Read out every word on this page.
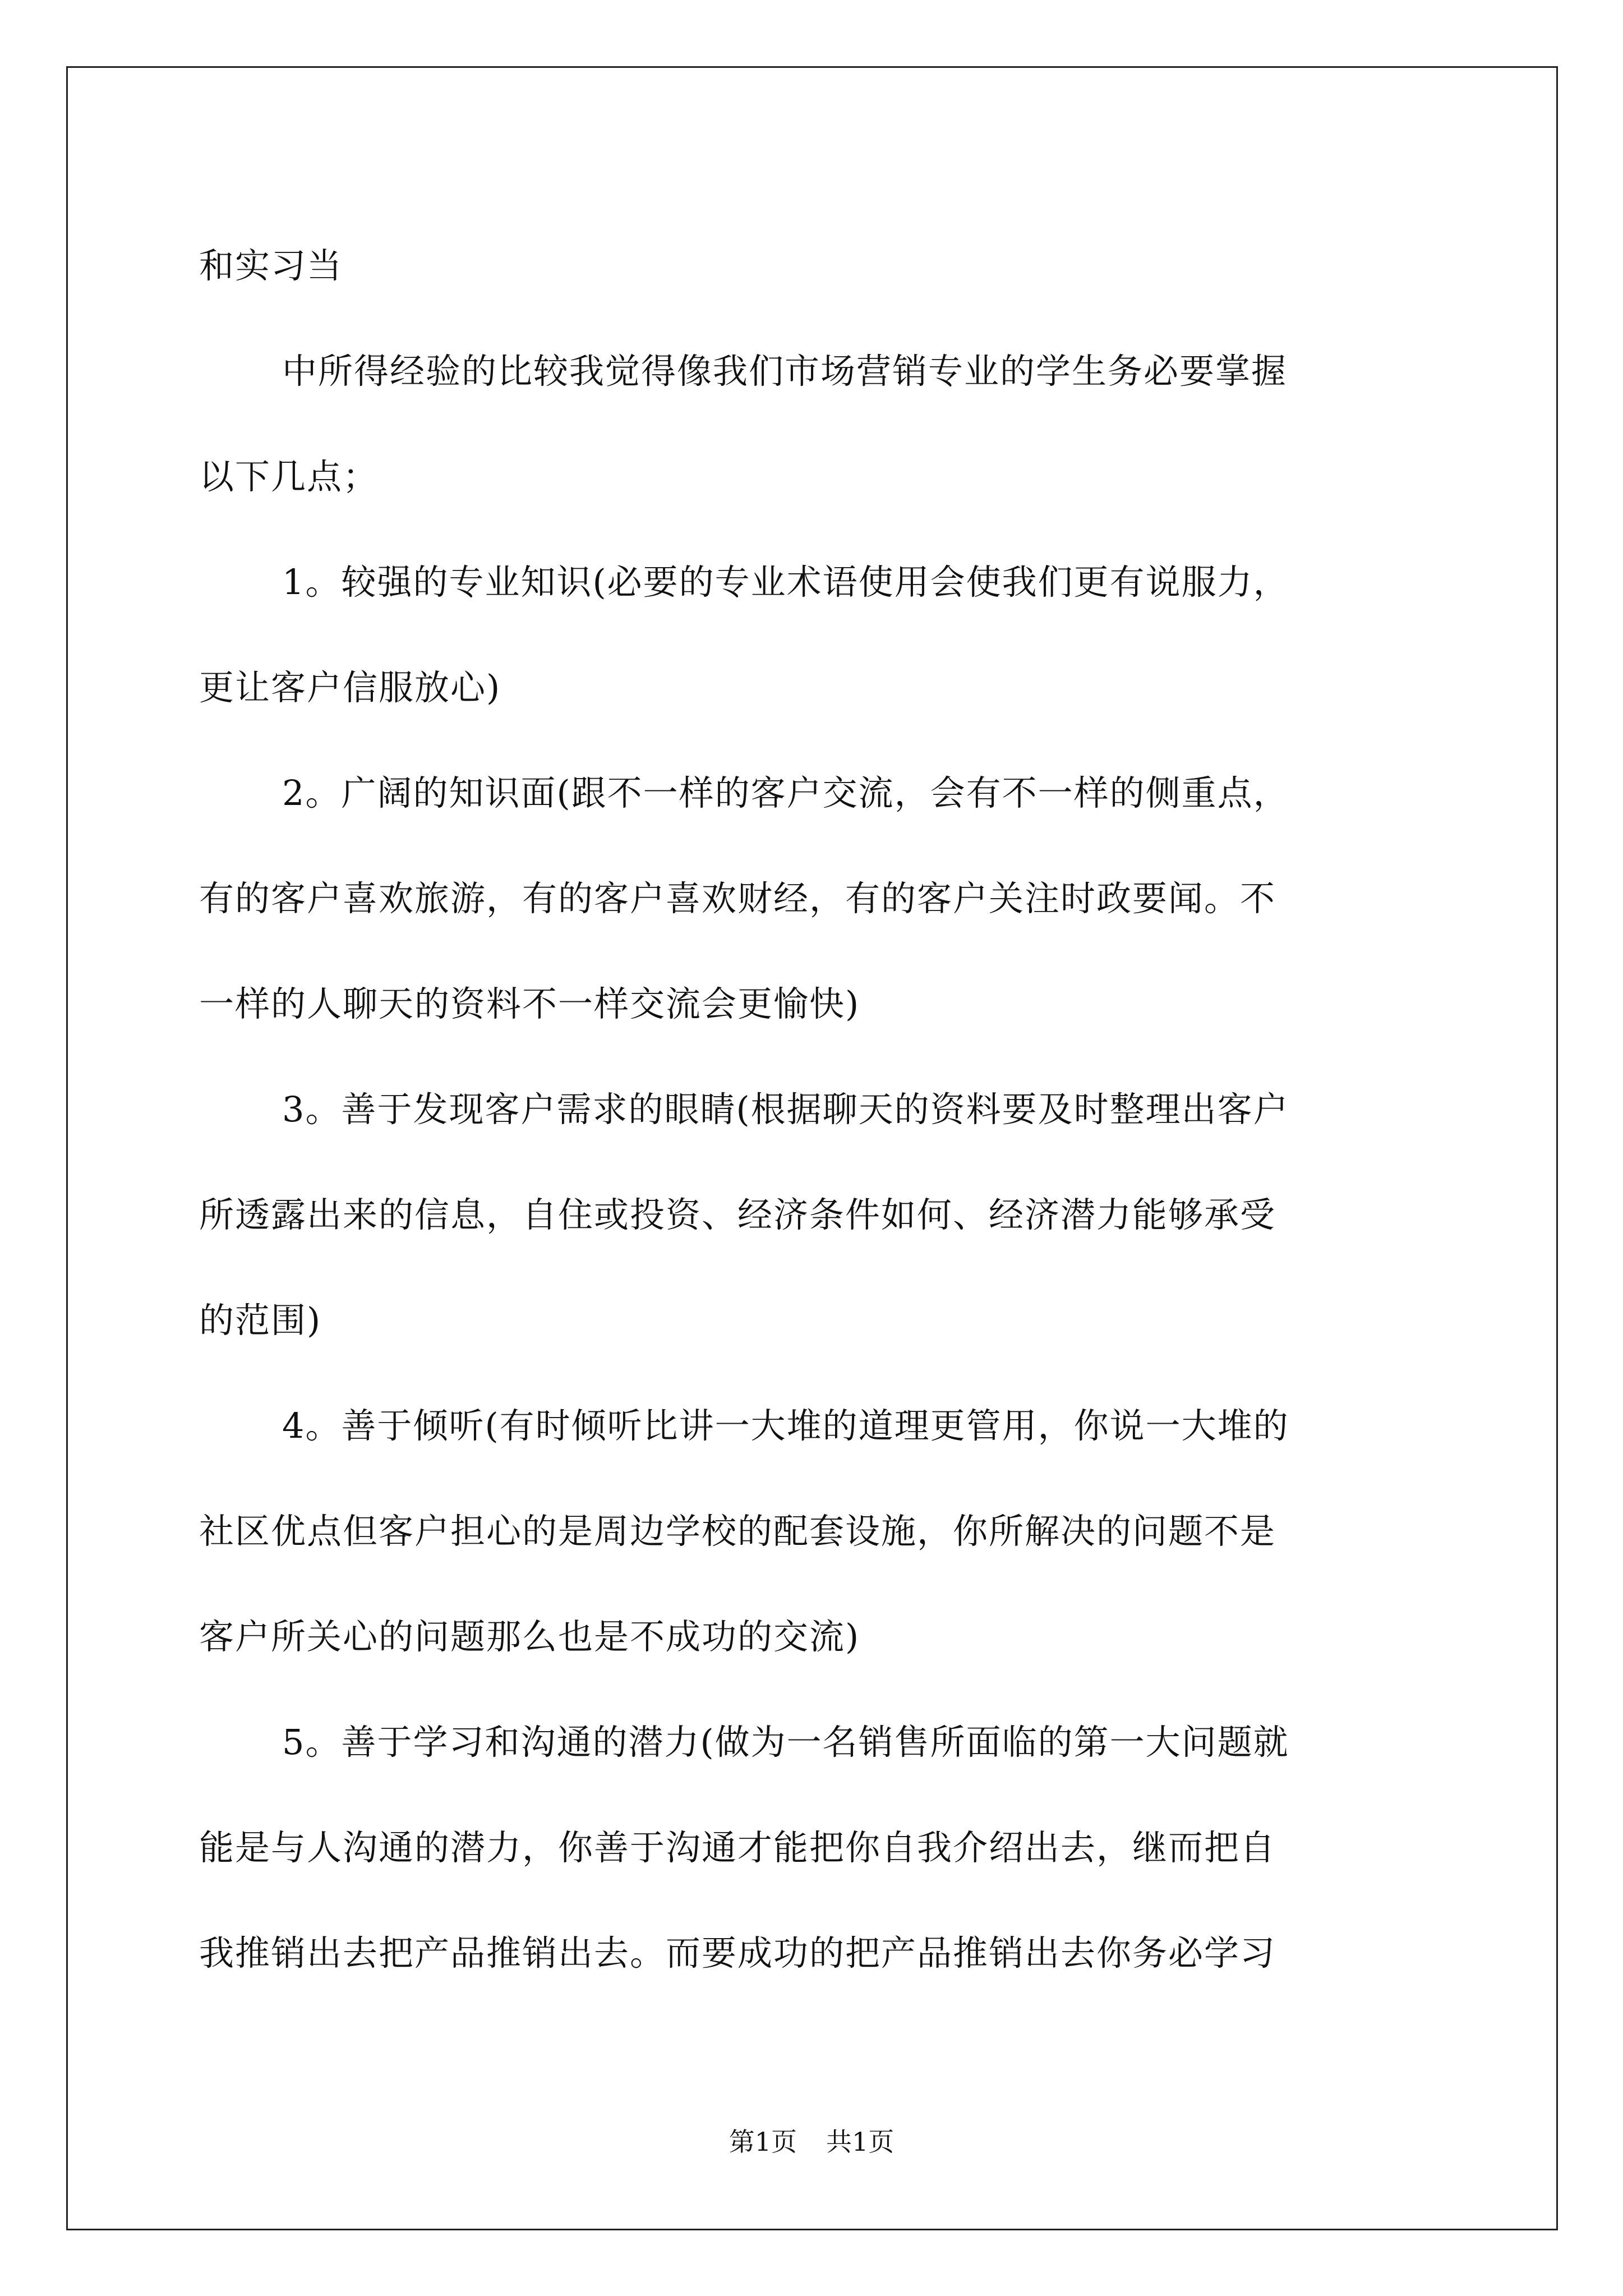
和实习当
中所得经验的比较我觉得像我们市场营销专业的学生务必要掌握
以下几点；
1。较强的专业知识(必要的专业术语使用会使我们更有说服力，
更让客户信服放心)
2。广阔的知识面(跟不一样的客户交流，会有不一样的侧重点，
有的客户喜欢旅游，有的客户喜欢财经，有的客户关注时政要闻。不
一样的人聊天的资料不一样交流会更愉快)
3。善于发现客户需求的眼睛(根据聊天的资料要及时整理出客户
所透露出来的信息，自住或投资、经济条件如何、经济潜力能够承受
的范围)
4。善于倾听(有时倾听比讲一大堆的道理更管用，你说一大堆的
社区优点但客户担心的是周边学校的配套设施，你所解决的问题不是
客户所关心的问题那么也是不成功的交流)
5。善于学习和沟通的潜力(做为一名销售所面临的第一大问题就
能是与人沟通的潜力，你善于沟通才能把你自我介绍出去，继而把自
我推销出去把产品推销出去。而要成功的把产品推销出去你务必学习
第1页 共1页
